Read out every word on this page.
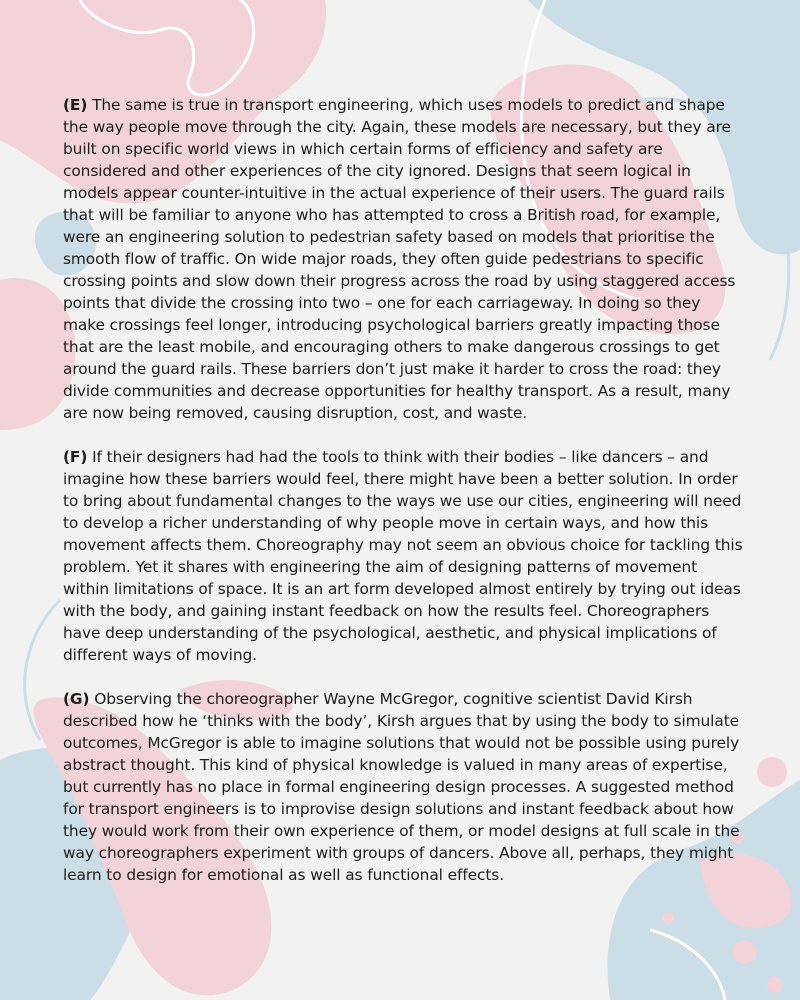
(E) The same is true in transport engineering, which uses models to predict and shape the way people move through the city. Again, these models are necessary, but they are built on specific world views in which certain forms of efficiency and safety are considered and other experiences of the city ignored. Designs that seem logical in models appear counter-intuitive in the actual experience of their users. The guard rails that will be familiar to anyone who has attempted to cross a British road, for example, were an engineering solution to pedestrian safety based on models that prioritise the smooth flow of traffic. On wide major roads, they often guide pedestrians to specific crossing points and slow down their progress across the road by using staggered access points that divide the crossing into two – one for each carriageway. In doing so they make crossings feel longer, introducing psychological barriers greatly impacting those that are the least mobile, and encouraging others to make dangerous crossings to get around the guard rails. These barriers don’t just make it harder to cross the road: they divide communities and decrease opportunities for healthy transport. As a result, many are now being removed, causing disruption, cost, and waste.

(F) If their designers had had the tools to think with their bodies – like dancers – and imagine how these barriers would feel, there might have been a better solution. In order to bring about fundamental changes to the ways we use our cities, engineering will need to develop a richer understanding of why people move in certain ways, and how this movement affects them. Choreography may not seem an obvious choice for tackling this problem. Yet it shares with engineering the aim of designing patterns of movement within limitations of space. It is an art form developed almost entirely by trying out ideas with the body, and gaining instant feedback on how the results feel. Choreographers have deep understanding of the psychological, aesthetic, and physical implications of different ways of moving.

(G) Observing the choreographer Wayne McGregor, cognitive scientist David Kirsh described how he ‘thinks with the body’, Kirsh argues that by using the body to simulate outcomes, McGregor is able to imagine solutions that would not be possible using purely abstract thought. This kind of physical knowledge is valued in many areas of expertise, but currently has no place in formal engineering design processes. A suggested method for transport engineers is to improvise design solutions and instant feedback about how they would work from their own experience of them, or model designs at full scale in the way choreographers experiment with groups of dancers. Above all, perhaps, they might learn to design for emotional as well as functional effects.
